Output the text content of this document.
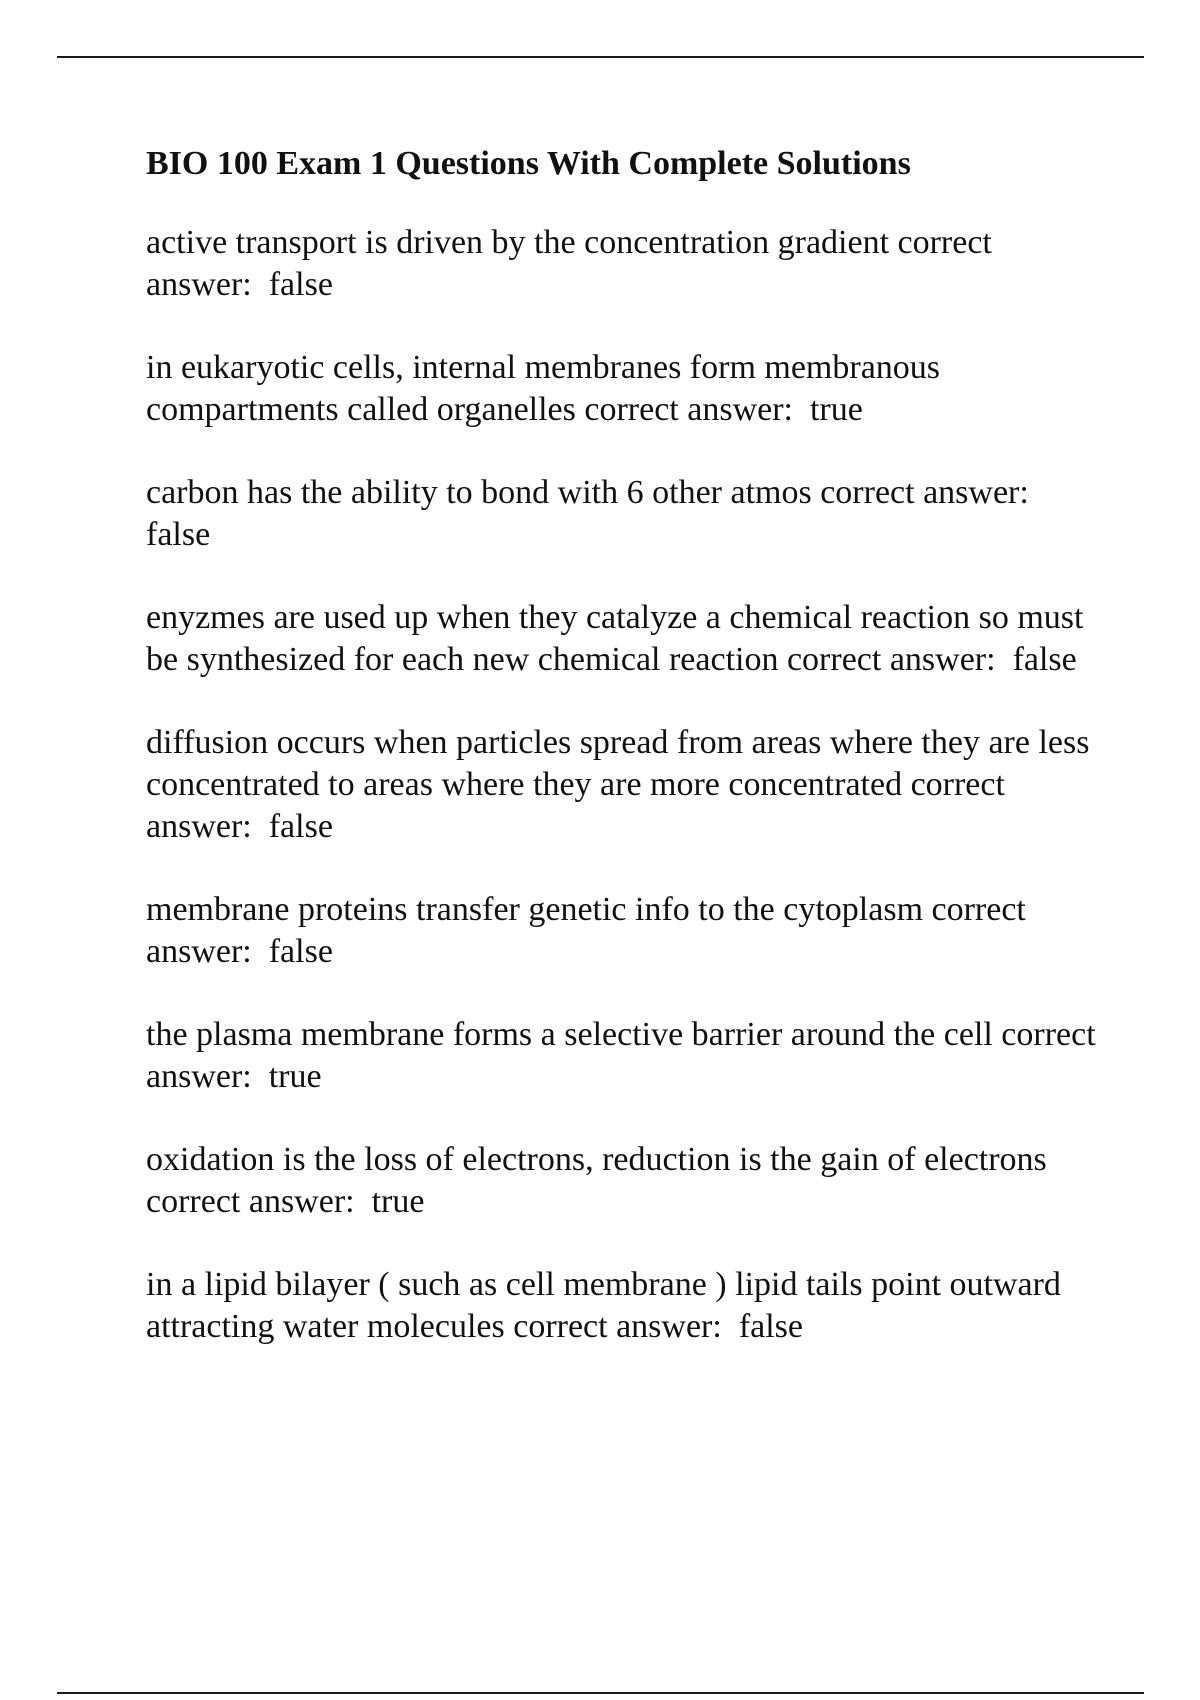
BIO 100 Exam 1 Questions With Complete Solutions
active transport is driven by the concentration gradient correct answer:  false
in eukaryotic cells, internal membranes form membranous compartments called organelles correct answer:  true
carbon has the ability to bond with 6 other atmos correct answer:  false
enyzmes are used up when they catalyze a chemical reaction so must be synthesized for each new chemical reaction correct answer:  false
diffusion occurs when particles spread from areas where they are less concentrated to areas where they are more concentrated correct answer:  false
membrane proteins transfer genetic info to the cytoplasm correct answer:  false
the plasma membrane forms a selective barrier around the cell correct answer:  true
oxidation is the loss of electrons, reduction is the gain of electrons correct answer:  true
in a lipid bilayer ( such as cell membrane ) lipid tails point outward attracting water molecules correct answer:  false
